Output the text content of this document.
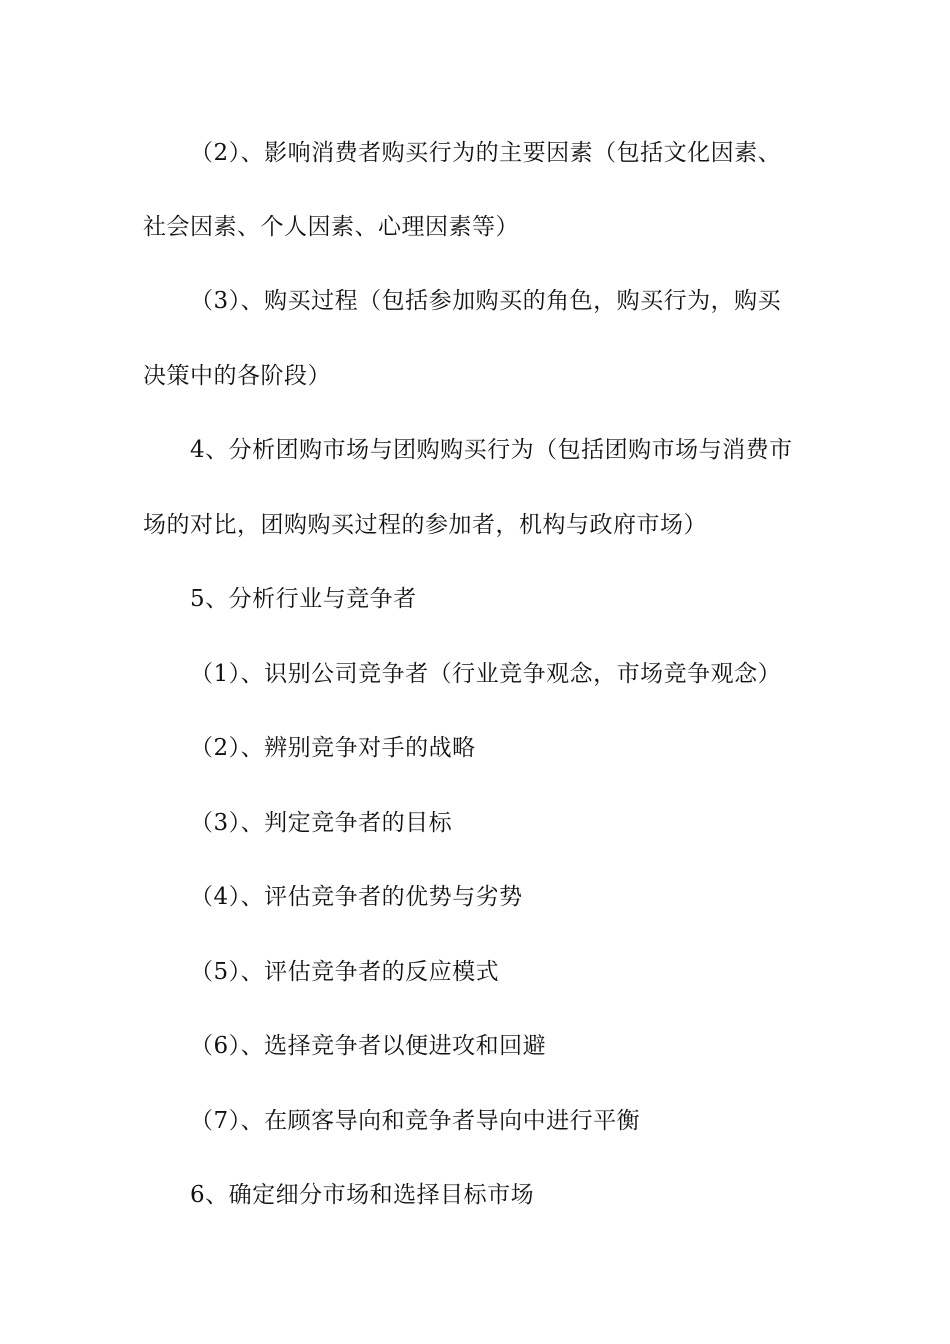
（2）、影响消费者购买行为的主要因素（包括文化因素、
社会因素、个人因素、心理因素等）
（3）、购买过程（包括参加购买的角色，购买行为，购买
决策中的各阶段）
4、分析团购市场与团购购买行为（包括团购市场与消费市
场的对比，团购购买过程的参加者，机构与政府市场）
5、分析行业与竞争者
（1）、识别公司竞争者（行业竞争观念，市场竞争观念）
（2）、辨别竞争对手的战略
（3）、判定竞争者的目标
（4）、评估竞争者的优势与劣势
（5）、评估竞争者的反应模式
（6）、选择竞争者以便进攻和回避
（7）、在顾客导向和竞争者导向中进行平衡
6、确定细分市场和选择目标市场
